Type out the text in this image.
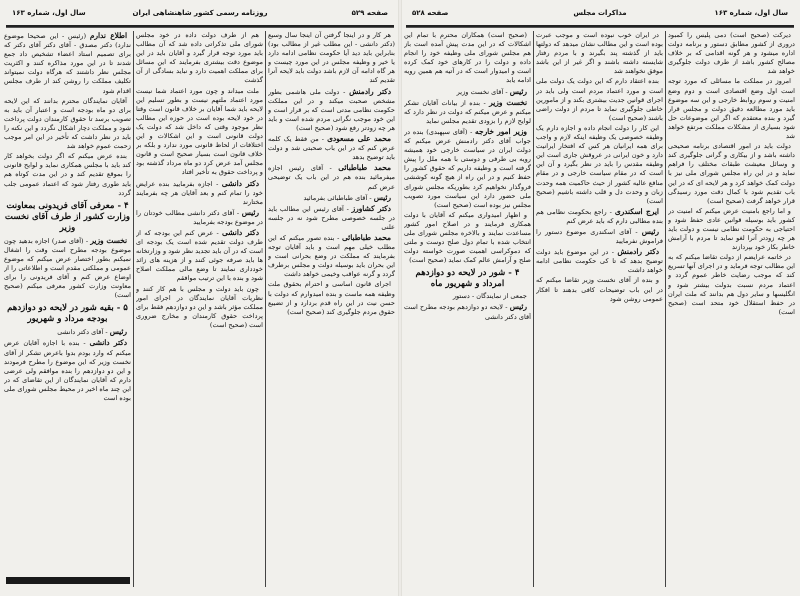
صفحه ۵۲۹
روزنامه رسمی کشور شاهنشاهی ایران
سال اول، شماره ۱۶۳

اطلاع ندارم (رئیس - این صحیحا موضوع ندارد) دکتر مصدق - آقای دکتر آقای دکتر که برای تصمیم استاد اعضاء تشخیص داد جمع شدند تا در این مورد مذاکره کنند و اکثریت مجلس نظر داشتند که هرگاه دولت نمیتواند تکلیف مملکت را روشن کند از طرف مجلس اقدام شود

آقایان نمایندگان محترم بدانند که این لایحه برای دو ماه بودجه است و اعتبار آن باید به تصویب برسد تا حقوق کارمندان دولت پرداخت شود و مملکت دچار اشکال نگردد و این نکته را باید در نظر داشت که تأخیر در این امر موجب زحمت عموم خواهد شد

بنده عرض میکنم که اگر دولت بخواهد کار کند باید با مجلس همکاری نماید و لوایح قانونی را بموقع تقدیم کند و در این مدت کوتاه هم باید طوری رفتار شود که اعتماد عمومی جلب گردد

۴ - معرفی آقای فریدونی بمعاونت وزارت کشور از طرف آقای نخست وزیر

نخست وزیر - (آقای صدر) اجازه بدهید چون موضوع بودجه مطرح است وقت را اشغال نمیکنم بطور اختصار عرض میکنم که موضوع عمومی و مملکتی مقدم است و اطلاعاتی را از اوضاع عرض کنم و آقای فریدونی را برای معاونت وزارت کشور معرفی میکنم (صحیح است)

۵ - بقیه شور در لایحه دو دوازدهم بودجه مرداد و شهریور

رئیس - آقای دکتر دانشی

دکتر دانشی - بنده با اجازه آقایان عرض میکنم که وارد بودم بدوا باعرض تشکر از آقای نخست وزیر که این موضوع را مطرح فرمودند و این دو دوازدهم را بنده موافقم ولی عرضی دارم که آقایان نمایندگان از این تقاضای که در این چند ماه اخیر در محیط مجلس شورای ملی بوده است

هم از طرف دولت داده در خود مجلس شورای ملی تذکراتی داده شد که آن مطالب باید مورد توجه قرار گیرد و آقایان باید در این موضوع دقت بیشتری بفرمایند که این مسائل برای مملکت اهمیت دارد و نباید بسادگی از آن گذشت

ملت میداند و چون مورد اعتماد شما نیست مورد اعتماد ملتهم نیست و بطور تسلیم این لایحه باید شما آقایان بر خلاف قانون است وقتا در خود لایحه بوده است در حوزه این مطالب نظر موجود وقتی که داخل شد که دولت یک دولت قانونی است و این اشکالات و این اختلافات از لحاظ قانونی مورد ندارد و بلکه بر خلاف قانون است بسیار صحیح است و قانون مجلس آمد عرض کرد دو ماه مرداد گذشته بود و پرداخت حقوق به تأخیر افتاد

دکتر دانشی - اجازه بفرمایید بنده عرایض خود را تمام کنم و بعد آقایان هر چه بفرمایند مختارند

رئیس - آقای دکتر دانشی مطالب خودتان را در موضوع بودجه بفرمایید

دکتر دانشی - عرض کنم این بودجه که از طرف دولت تقدیم شده است یک بودجه ای است که در آن باید تجدید نظر شود و وزارتخانه ها باید صرفه جوئی کنند و از هزینه های زائد خودداری نمایند تا وضع مالی مملکت اصلاح شود و بنده با این ترتیب موافقم

چون باید دولت و مجلس با هم کار کنند و نظریات آقایان نمایندگان در اجرای امور مملکت مؤثر باشد و این دو دوازدهم فقط برای پرداخت حقوق کارمندان و مخارج ضروری است (صحیح است)

هر کار و در اینجا گرفتن آن اینجا سال وسیع (دکتر دانشی - این مطلب غیر از مطالب بود) بنابراین باید دید آیا حکومت نظامی ادامه دارد یا خیر و وظیفه مجلس در این مورد چیست و هر گاه ادامه آن لازم باشد دولت باید لایحه آنرا تقدیم کند

دکتر رادمنش - دولت ملی هاشمی بطور مشخص صحبت میکند و در این مملکت حکومت نظامی مدتی است که بر قرار است و این خود موجب نگرانی مردم شده است و باید هر چه زودتر رفع شود (صحیح است)

محمد علی مسعودی - من فقط یک کلمه عرض کنم که در این باب صحبتی شد و دولت باید توضیح بدهد

محمد طباطبائی - آقای رئیس اجازه میفرمائید بنده هم در این باب یک توضیحی عرض کنم

رئیس - آقای طباطبائی بفرمائید

دکتر کشاورز - آقای رئیس این مطالب باید در جلسه خصوصی مطرح شود نه در جلسه علنی

محمد طباطبائی - بنده تصور میکنم که این مطلب خیلی مهم است و باید آقایان توجه بفرمایند که مملکت در وضع بحرانی است و این بحران باید بوسیله دولت و مجلس برطرف گردد و گرنه عواقب وخیمی خواهد داشت

اجرای قانون اساسی و احترام بحقوق ملت وظیفه همه ماست و بنده امیدوارم که دولت با حسن نیت در این راه قدم بردارد و از تضییع حقوق مردم جلوگیری کند (صحیح است)

سال اول، شماره ۱۶۳
مذاکرات مجلس
صفحه ۵۲۸

(صحیح است) همکاران محترم با تمام این اشکالات که در این مدت پیش آمده است باز هم مجلس شورای ملی وظیفه خود را انجام داده و دولت را در کارهای خود کمک کرده است و امیدوار است که در آتیه هم همین رویه ادامه یابد

رئیس - آقای نخست وزیر

نخست وزیر - بنده از بیانات آقایان تشکر میکنم و عرض میکنم که دولت در نظر دارد که لوایح لازم را بزودی تقدیم مجلس نماید

وزیر امور خارجه - (آقای سپهبدی) بنده در جواب آقای دکتر رادمنش عرض میکنم که دولت ایران در سیاست خارجی خود همیشه رویه بی طرفی و دوستی با همه ملل را پیش گرفته است و وظیفه داریم که حقوق کشور را حفظ کنیم و در این راه از هیچ گونه کوششی فروگذار نخواهیم کرد بطوریکه مجلس شورای ملی حضور دارد این سیاست مورد تصویب مجلس نیز بوده است (صحیح است)

و اظهار امیدواری میکنم که آقایان با دولت همکاری فرمایند و در اصلاح امور کشور مساعدت نمایند و بالاخره مجلس شورای ملی انتخاب شده با تمام دول صلح دوست و ملتی که دموکراسی اهمیت صورت خواسته دولت صلح و آرامش عالم کمک نماید (صحیح است)

۴ - شور در لایحه دو دوازدهم امرداد و شهریور ماه

جمعی از نمایندگان - دستور

رئیس - لایحه دو دوازدهم بودجه مطرح است آقای دکتر دانشی

در ایران خوب نبوده است و موجب عبرت بوده است و این مطالب نشان میدهد که دولتها باید از گذشته پند بگیرند و با مردم رفتار شایسته داشته باشند و اگر غیر از این باشد موفق نخواهند شد

بنده اعتقاد دارم که این دولت یک دولت ملی است و مورد اعتماد مردم است ولی باید در اجرای قوانین جدیت بیشتری بکند و از مامورین خاطی جلوگیری نماید تا مردم از دولت راضی باشند (صحیح است)

این کار را دولت انجام داده و اجازه دارم یک وظیفه خصوصی یک وظیفه اینکه لازم و واجب برای همه ایرانیان هر کس که افتخار ایرانیت دارد و خون ایرانی در عروقش جاری است این وظیفه مقدس را باید در نظر بگیرد و آن این است که در مقام سیاست خارجی و در مقام منافع عالیه کشور از حیث حاکمیت همه وحدت زبان و وحدت دل و قلب داشته باشیم (صحیح است)

ایرج اسکندری - راجع بحکومت نظامی هم بنده مطالبی دارم که باید عرض کنم

رئیس - آقای اسکندری موضوع دستور را فراموش نفرمایید

دکتر رادمنش - در این موضوع باید دولت توضیح بدهد که تا کی حکومت نظامی ادامه خواهد داشت

و بنده از آقای نخست وزیر تقاضا میکنم که در این باب توضیحات کافی بدهند تا افکار عمومی روشن شود

دیرکت (صحیح است) دمی پلیس را کمبود دروری از کشور مطابق دستور و برنامه دولت اداره میشود و هر گونه اقدامی که بر خلاف مصالح کشور باشد از طرف دولت جلوگیری خواهد شد

امروز در مملکت ما مسائلی که مورد توجه است اول وضع اقتصادی است و دوم وضع امنیت و سوم روابط خارجی و این سه موضوع باید مورد مطالعه دقیق دولت و مجلس قرار گیرد و بنده معتقدم که اگر این موضوعات حل شود بسیاری از مشکلات مملکت مرتفع خواهد شد

دولت باید در امور اقتصادی برنامه صحیحی داشته باشد و از بیکاری و گرانی جلوگیری کند و وسائل معیشت طبقات مختلف را فراهم نماید و در این راه مجلس شورای ملی نیز با دولت کمک خواهد کرد و هر لایحه ای که در این باب تقدیم شود با کمال دقت مورد رسیدگی قرار خواهد گرفت (صحیح است)

و اما راجع بامنیت عرض میکنم که امنیت در کشور باید بوسیله قوانین عادی حفظ شود و احتیاجی به حکومت نظامی نیست و دولت باید هر چه زودتر آنرا لغو نماید تا مردم با آرامش خاطر بکار خود بپردازند

در خاتمه عرایضم از دولت تقاضا میکنم که به این مطالب توجه فرماید و در اجرای آنها تسریع کند که موجب رضایت خاطر عموم گردد و اعتماد مردم نسبت بدولت بیشتر شود و انگلیسها و سایر دول هم بدانند که ملت ایران در حفظ استقلال خود متحد است (صحیح است)
